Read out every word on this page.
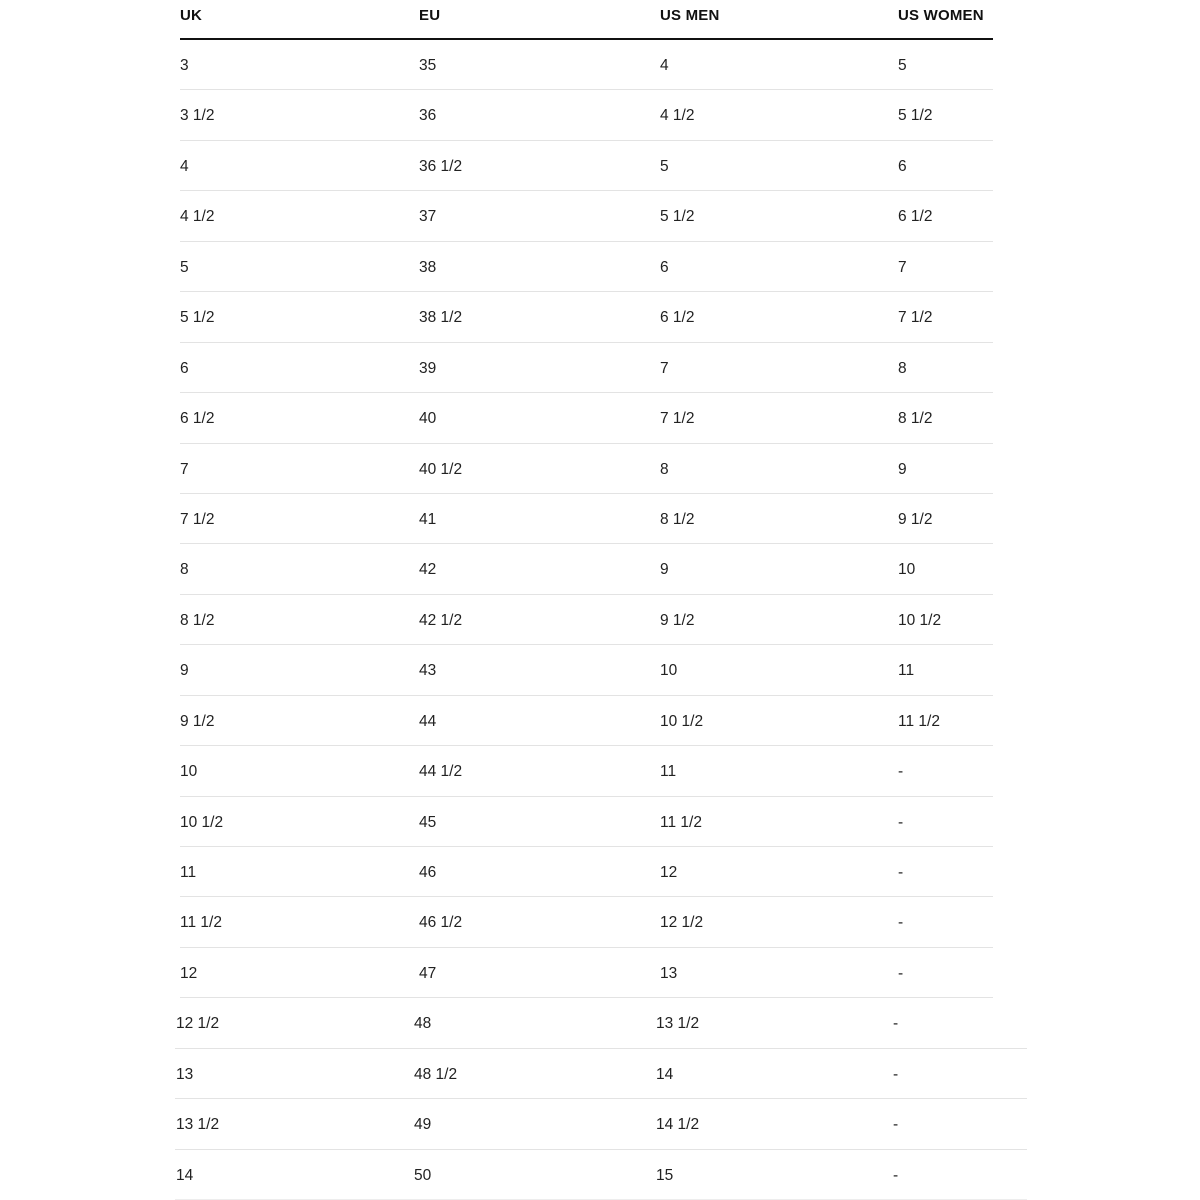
UK	EU	US MEN	US WOMEN
3	35	4	5
3 1/2	36	4 1/2	5 1/2
4	36 1/2	5	6
4 1/2	37	5 1/2	6 1/2
5	38	6	7
5 1/2	38 1/2	6 1/2	7 1/2
6	39	7	8
6 1/2	40	7 1/2	8 1/2
7	40 1/2	8	9
7 1/2	41	8 1/2	9 1/2
8	42	9	10
8 1/2	42 1/2	9 1/2	10 1/2
9	43	10	11
9 1/2	44	10 1/2	11 1/2
10	44 1/2	11	-
10 1/2	45	11 1/2	-
11	46	12	-
11 1/2	46 1/2	12 1/2	-
12	47	13	-
12 1/2	48	13 1/2	-
13	48 1/2	14	-
13 1/2	49	14 1/2	-
14	50	15	-
